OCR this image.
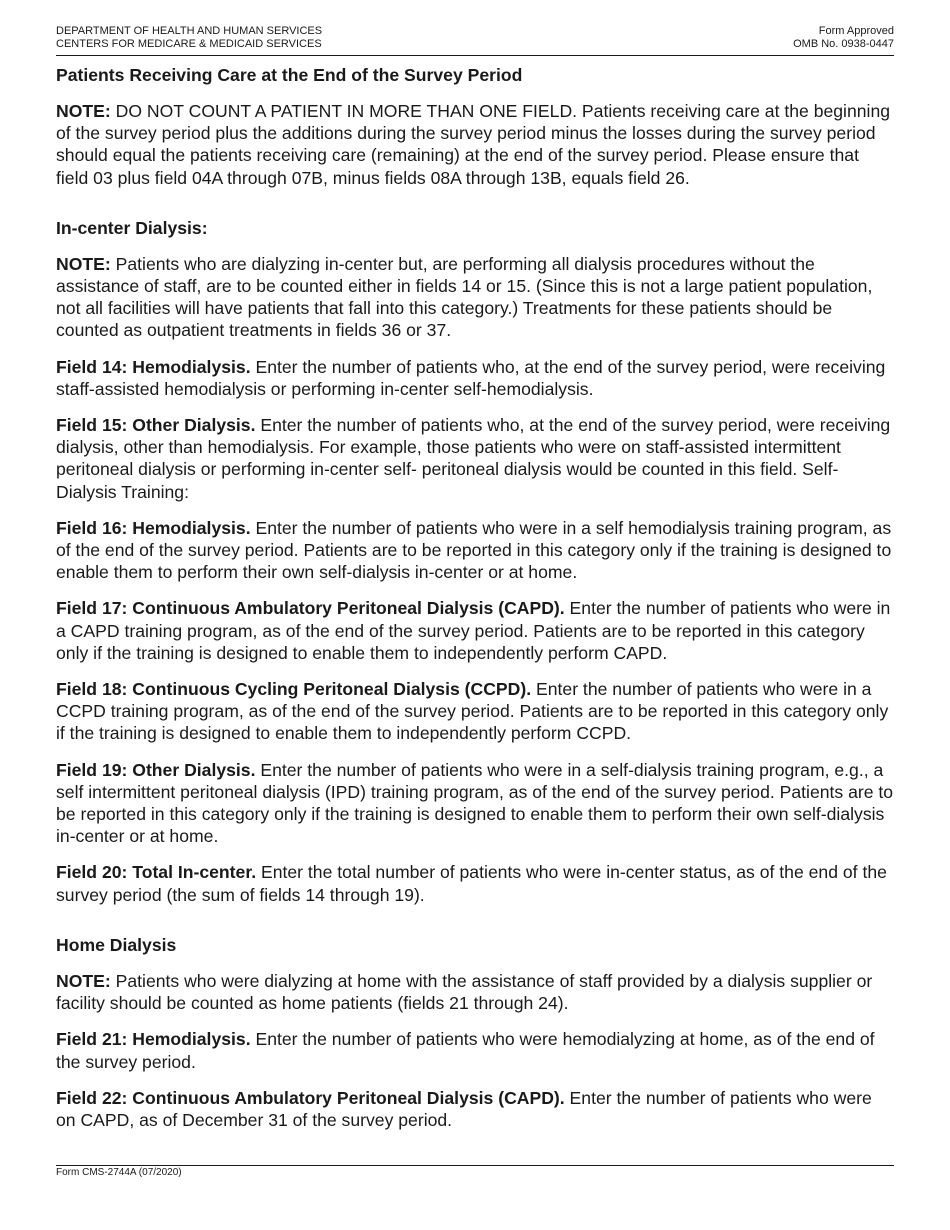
DEPARTMENT OF HEALTH AND HUMAN SERVICES
CENTERS FOR MEDICARE & MEDICAID SERVICES
Form Approved
OMB No. 0938-0447
Patients Receiving Care at the End of the Survey Period

NOTE: DO NOT COUNT A PATIENT IN MORE THAN ONE FIELD. Patients receiving care at the beginning of the survey period plus the additions during the survey period minus the losses during the survey period should equal the patients receiving care (remaining) at the end of the survey period. Please ensure that field 03 plus field 04A through 07B, minus fields 08A through 13B, equals field 26.

In-center Dialysis:

NOTE: Patients who are dialyzing in-center but, are performing all dialysis procedures without the assistance of staff, are to be counted either in fields 14 or 15. (Since this is not a large patient population, not all facilities will have patients that fall into this category.) Treatments for these patients should be counted as outpatient treatments in fields 36 or 37.

Field 14: Hemodialysis. Enter the number of patients who, at the end of the survey period, were receiving staff-assisted hemodialysis or performing in-center self-hemodialysis.

Field 15: Other Dialysis. Enter the number of patients who, at the end of the survey period, were receiving dialysis, other than hemodialysis. For example, those patients who were on staff-assisted intermittent peritoneal dialysis or performing in-center self- peritoneal dialysis would be counted in this field. Self-Dialysis Training:

Field 16: Hemodialysis. Enter the number of patients who were in a self hemodialysis training program, as of the end of the survey period. Patients are to be reported in this category only if the training is designed to enable them to perform their own self-dialysis in-center or at home.

Field 17: Continuous Ambulatory Peritoneal Dialysis (CAPD). Enter the number of patients who were in a CAPD training program, as of the end of the survey period. Patients are to be reported in this category only if the training is designed to enable them to independently perform CAPD.

Field 18: Continuous Cycling Peritoneal Dialysis (CCPD). Enter the number of patients who were in a CCPD training program, as of the end of the survey period. Patients are to be reported in this category only if the training is designed to enable them to independently perform CCPD.

Field 19: Other Dialysis. Enter the number of patients who were in a self-dialysis training program, e.g., a self intermittent peritoneal dialysis (IPD) training program, as of the end of the survey period. Patients are to be reported in this category only if the training is designed to enable them to perform their own self-dialysis in-center or at home.

Field 20: Total In-center. Enter the total number of patients who were in-center status, as of the end of the survey period (the sum of fields 14 through 19).

Home Dialysis

NOTE: Patients who were dialyzing at home with the assistance of staff provided by a dialysis supplier or facility should be counted as home patients (fields 21 through 24).

Field 21: Hemodialysis. Enter the number of patients who were hemodialyzing at home, as of the end of the survey period.

Field 22: Continuous Ambulatory Peritoneal Dialysis (CAPD). Enter the number of patients who were on CAPD, as of December 31 of the survey period.

Form CMS-2744A (07/2020)
